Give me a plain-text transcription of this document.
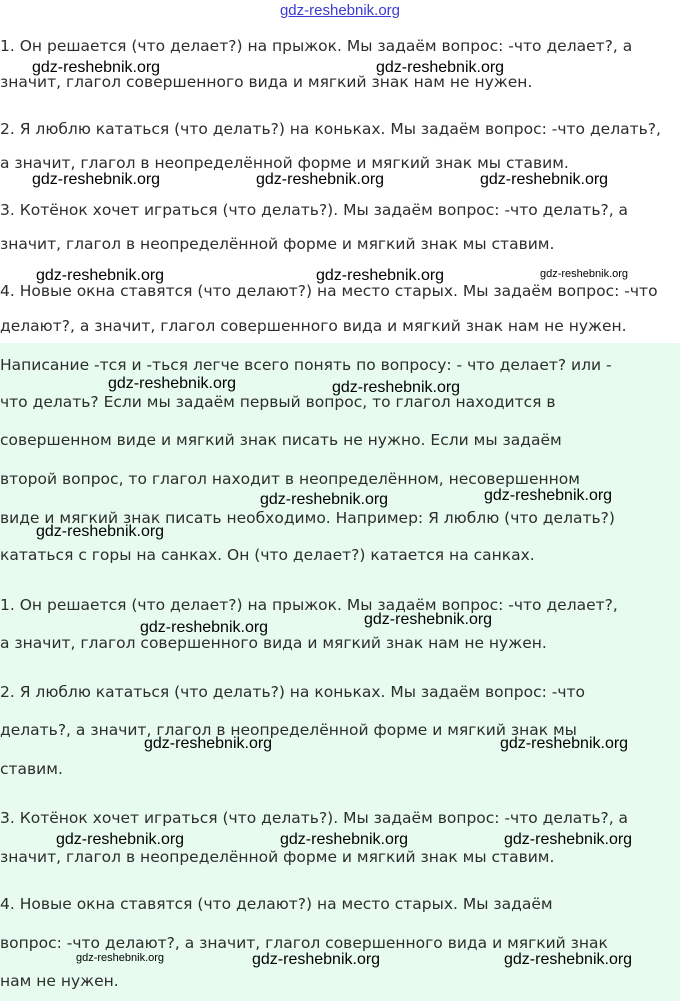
gdz-reshebnik.org
1. Он решается (что делает?) на прыжок. Мы задаём вопрос: -что делает?, а
значит, глагол совершенного вида и мягкий знак нам не нужен.
2. Я люблю кататься (что делать?) на коньках. Мы задаём вопрос: -что делать?,
а значит, глагол в неопределённой форме и мягкий знак мы ставим.
3. Котёнок хочет играться (что делать?). Мы задаём вопрос: -что делать?, а
значит, глагол в неопределённой форме и мягкий знак мы ставим.
4. Новые окна ставятся (что делают?) на место старых. Мы задаём вопрос: -что
делают?, а значит, глагол совершенного вида и мягкий знак нам не нужен.
Написание -тся и -ться легче всего понять по вопросу: - что делает? или -
что делать? Если мы задаём первый вопрос, то глагол находится в
совершенном виде и мягкий знак писать не нужно. Если мы задаём
второй вопрос, то глагол находит в неопределённом, несовершенном
виде и мягкий знак писать необходимо. Например: Я люблю (что делать?)
кататься с горы на санках. Он (что делает?) катается на санках.
1. Он решается (что делает?) на прыжок. Мы задаём вопрос: -что делает?,
а значит, глагол совершенного вида и мягкий знак нам не нужен.
2. Я люблю кататься (что делать?) на коньках. Мы задаём вопрос: -что
делать?, а значит, глагол в неопределённой форме и мягкий знак мы
ставим.
3. Котёнок хочет играться (что делать?). Мы задаём вопрос: -что делать?, а
значит, глагол в неопределённой форме и мягкий знак мы ставим.
4. Новые окна ставятся (что делают?) на место старых. Мы задаём
вопрос: -что делают?, а значит, глагол совершенного вида и мягкий знак
нам не нужен.
gdz-reshebnik.org	gdz-reshebnik.org
gdz-reshebnik.org	gdz-reshebnik.org	gdz-reshebnik.org
gdz-reshebnik.org	gdz-reshebnik.org	gdz-reshebnik.org
gdz-reshebnik.org	gdz-reshebnik.org
gdz-reshebnik.org	gdz-reshebnik.org
gdz-reshebnik.org
gdz-reshebnik.org	gdz-reshebnik.org
gdz-reshebnik.org	gdz-reshebnik.org
gdz-reshebnik.org	gdz-reshebnik.org	gdz-reshebnik.org
gdz-reshebnik.org	gdz-reshebnik.org	gdz-reshebnik.org
